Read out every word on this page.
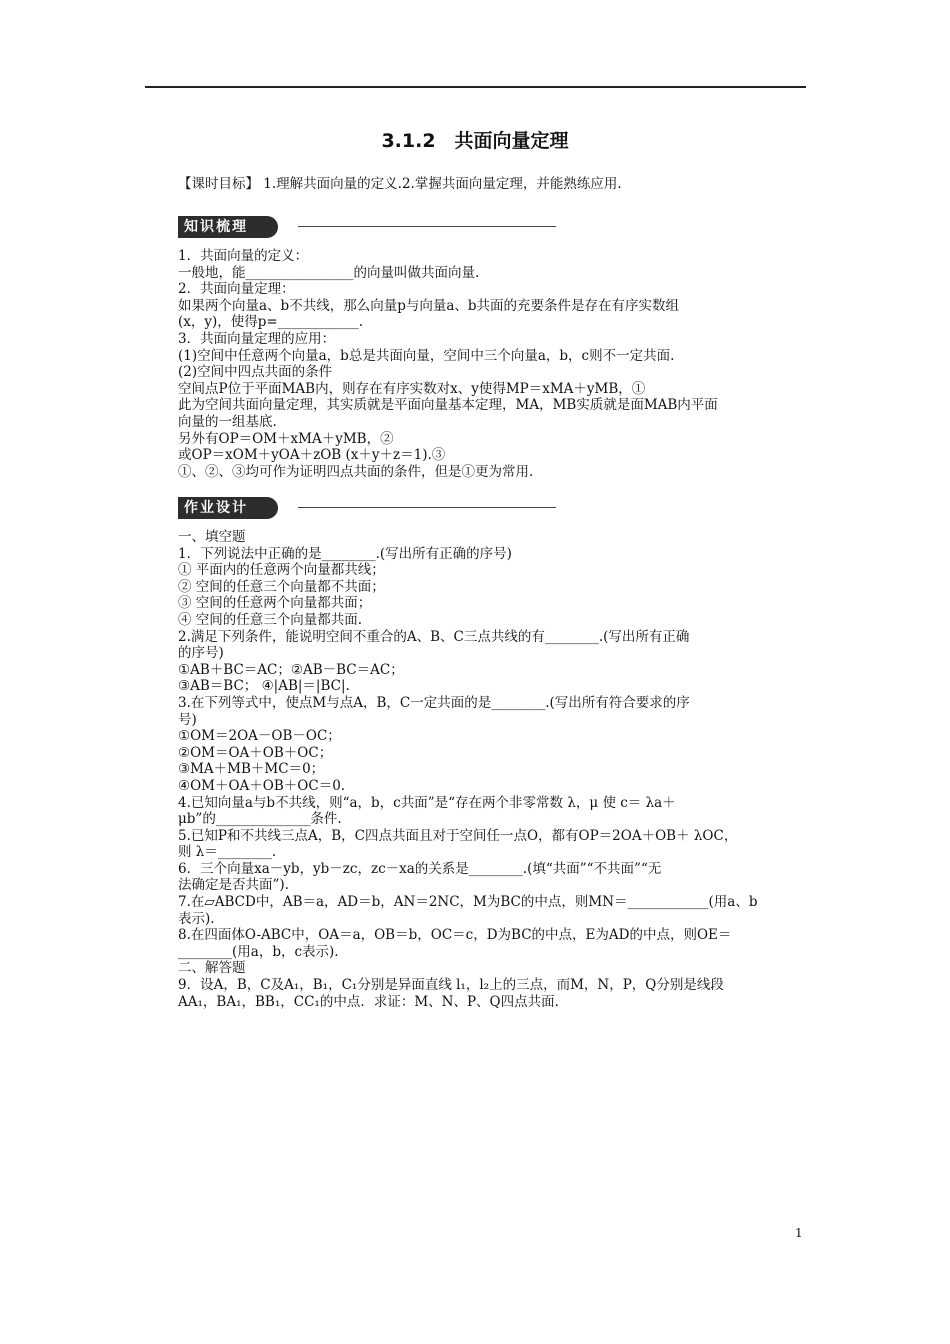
3.1.2　共面向量定理
【课时目标】 1.理解共面向量的定义.2.掌握共面向量定理，并能熟练应用.
知识梳理
1．共面向量的定义：
一般地，能________________的向量叫做共面向量.
2．共面向量定理：
如果两个向量a、b不共线，那么向量p与向量a、b共面的充要条件是存在有序实数组
(x，y)，使得p=____________.
3．共面向量定理的应用：
(1)空间中任意两个向量a，b总是共面向量，空间中三个向量a，b，c则不一定共面.
(2)空间中四点共面的条件
空间点P位于平面MAB内，则存在有序实数对x、y使得MP＝xMA＋yMB，①
此为空间共面向量定理，其实质就是平面向量基本定理，MA，MB实质就是面MAB内平面
向量的一组基底.
另外有OP＝OM＋xMA＋yMB，②
或OP＝xOM＋yOA＋zOB (x＋y＋z＝1).③
①、②、③均可作为证明四点共面的条件，但是①更为常用.
作业设计
一、填空题
1．下列说法中正确的是________.(写出所有正确的序号)
① 平面内的任意两个向量都共线；
② 空间的任意三个向量都不共面；
③ 空间的任意两个向量都共面；
④ 空间的任意三个向量都共面.
2.满足下列条件，能说明空间不重合的A、B、C三点共线的有________.(写出所有正确
的序号)
①AB＋BC＝AC；②AB－BC＝AC；
③AB＝BC； ④|AB|＝|BC|.
3.在下列等式中，使点M与点A，B，C一定共面的是________.(写出所有符合要求的序
号)
①OM＝2OA－OB－OC；
②OM＝OA＋OB＋OC；
③MA＋MB＋MC＝0；
④OM＋OA＋OB＋OC＝0.
4.已知向量a与b不共线，则“a，b，c共面”是“存在两个非零常数 λ，μ 使 c＝ λa＋
μb”的______________条件.
5.已知P和不共线三点A，B，C四点共面且对于空间任一点O，都有OP＝2OA＋OB＋ λOC，
则 λ＝________.
6．三个向量xa－yb，yb－zc，zc－xa的关系是________.(填“共面”“不共面”“无
法确定是否共面”).
7.在▱ABCD中，AB＝a，AD＝b，AN＝2NC，M为BC的中点，则MN＝____________(用a、b
表示).
8.在四面体O-ABC中，OA＝a，OB＝b，OC＝c，D为BC的中点，E为AD的中点，则OE＝
________(用a，b，c表示).
二、解答题
9．设A，B，C及A₁，B₁，C₁分别是异面直线 l₁，l₂上的三点，而M，N，P，Q分别是线段
AA₁，BA₁，BB₁，CC₁的中点．求证：M、N、P、Q四点共面.
1
